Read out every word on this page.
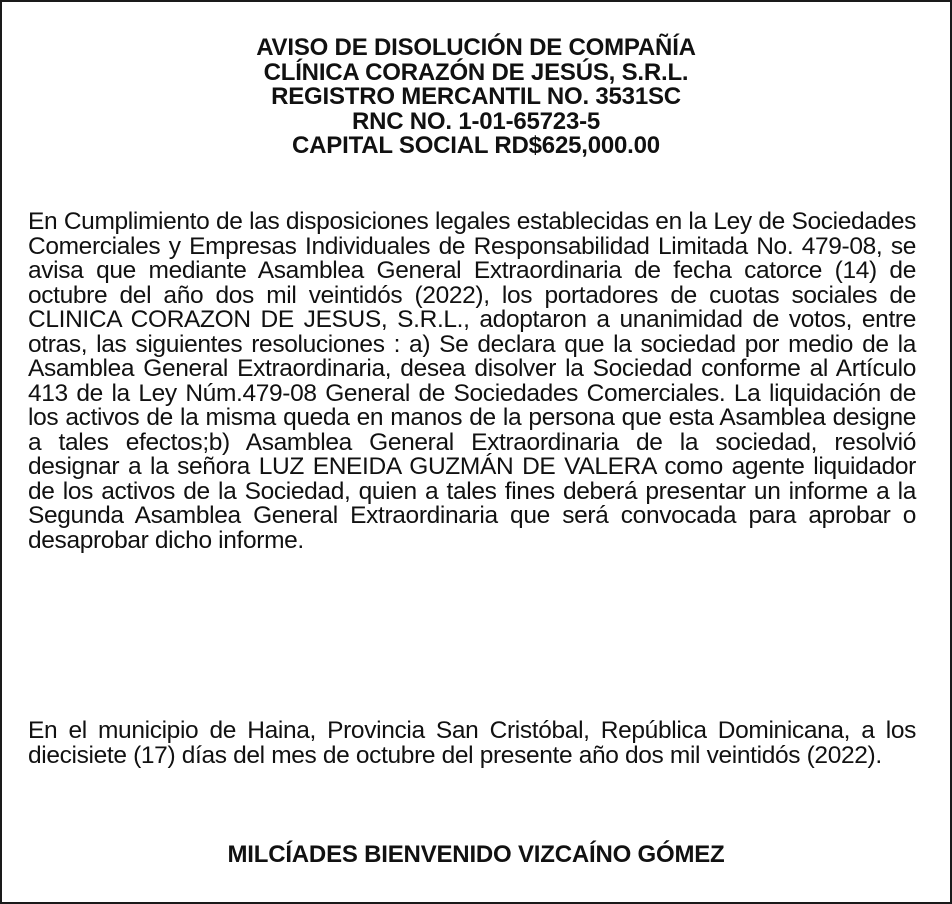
AVISO DE DISOLUCIÓN DE COMPAÑÍA
CLÍNICA CORAZÓN DE JESÚS, S.R.L.
REGISTRO MERCANTIL NO. 3531SC
RNC NO. 1-01-65723-5
CAPITAL SOCIAL RD$625,000.00
En Cumplimiento de las disposiciones legales establecidas en la Ley de Sociedades Comerciales y Empresas Individuales de Responsabilidad Limitada No. 479-08, se avisa que mediante Asamblea General Extraordinaria de fecha catorce (14) de octubre del año dos mil veintidós (2022), los portadores de cuotas sociales de CLINICA CORAZON DE JESUS, S.R.L., adoptaron a unanimidad de votos, entre otras, las siguientes resoluciones : a) Se declara que la sociedad por medio de la Asamblea General Extraordinaria, desea disolver la Sociedad conforme al Artículo 413 de la Ley Núm.479-08 General de Sociedades Comerciales. La liquidación de los activos de la misma queda en manos de la persona que esta Asamblea designe a tales efectos;b) Asamblea General Extraordinaria de la sociedad, resolvió designar a la señora LUZ ENEIDA GUZMÁN DE VALERA como agente liquidador de los activos de la Sociedad, quien a tales fines deberá presentar un informe a la Segunda Asamblea General Extraordinaria que será convocada para aprobar o desaprobar dicho informe.
En el municipio de Haina, Provincia San Cristóbal, República Dominicana, a los diecisiete (17) días del mes de octubre del presente año dos mil veintidós (2022).
MILCÍADES BIENVENIDO VIZCAÍNO GÓMEZ
